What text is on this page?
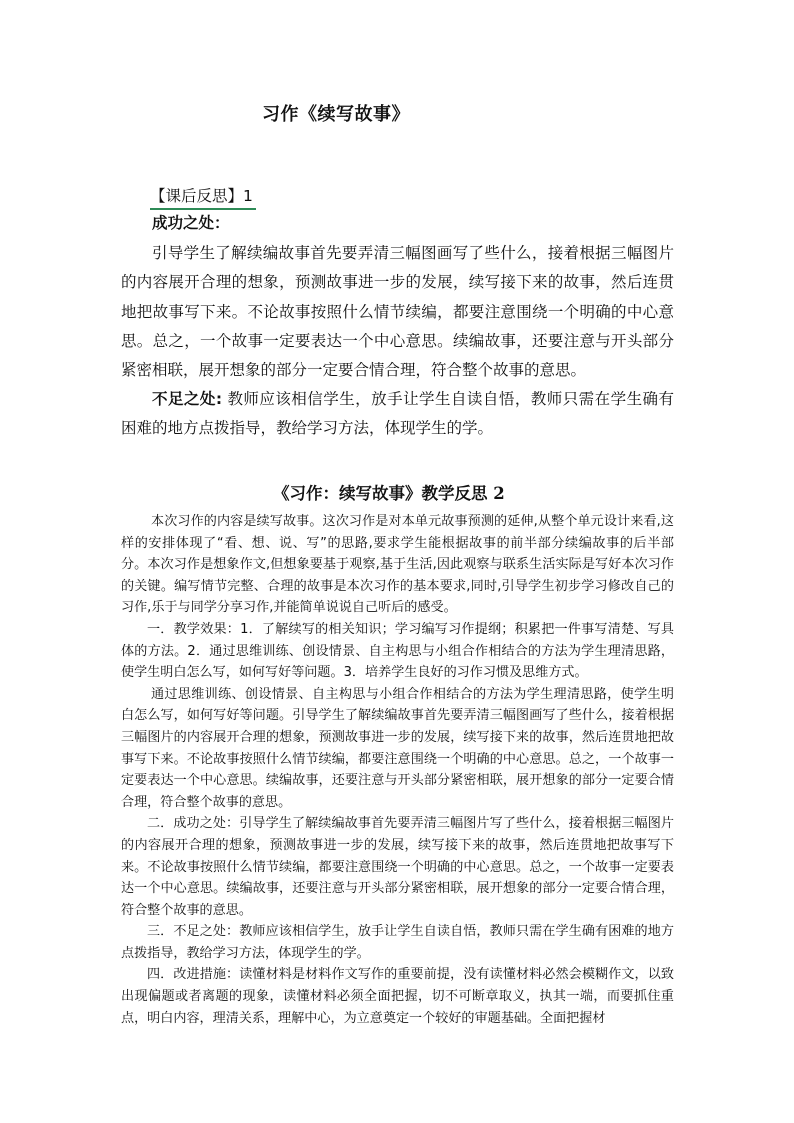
习作《续写故事》
【课后反思】1
成功之处：

引导学生了解续编故事首先要弄清三幅图画写了些什么，接着根据三幅图片的内容展开合理的想象，预测故事进一步的发展，续写接下来的故事，然后连贯地把故事写下来。不论故事按照什么情节续编，都要注意围绕一个明确的中心意思。总之，一个故事一定要表达一个中心意思。续编故事，还要注意与开头部分紧密相联，展开想象的部分一定要合情合理，符合整个故事的意思。

不足之处: 教师应该相信学生，放手让学生自读自悟，教师只需在学生确有困难的地方点拨指导，教给学习方法，体现学生的学。

《习作：续写故事》教学反思 2

本次习作的内容是续写故事。这次习作是对本单元故事预测的延伸,从整个单元设计来看,这样的安排体现了“看、想、说、写”的思路,要求学生能根据故事的前半部分续编故事的后半部分。本次习作是想象作文,但想象要基于观察,基于生活,因此观察与联系生活实际是写好本次习作的关键。编写情节完整、合理的故事是本次习作的基本要求,同时,引导学生初步学习修改自己的习作,乐于与同学分享习作,并能简单说说自己听后的感受。

一．教学效果：1．了解续写的相关知识；学习编写习作提纲；积累把一件事写清楚、写具体的方法。2．通过思维训练、创设情景、自主构思与小组合作相结合的方法为学生理清思路，使学生明白怎么写，如何写好等问题。3．培养学生良好的习作习惯及思维方式。

通过思维训练、创设情景、自主构思与小组合作相结合的方法为学生理清思路，使学生明白怎么写，如何写好等问题。引导学生了解续编故事首先要弄清三幅图画写了些什么，接着根据三幅图片的内容展开合理的想象，预测故事进一步的发展，续写接下来的故事，然后连贯地把故事写下来。不论故事按照什么情节续编，都要注意围绕一个明确的中心意思。总之，一个故事一定要表达一个中心意思。续编故事，还要注意与开头部分紧密相联，展开想象的部分一定要合情合理，符合整个故事的意思。

二．成功之处：引导学生了解续编故事首先要弄清三幅图片写了些什么，接着根据三幅图片的内容展开合理的想象，预测故事进一步的发展，续写接下来的故事，然后连贯地把故事写下来。不论故事按照什么情节续编，都要注意围绕一个明确的中心意思。总之，一个故事一定要表达一个中心意思。续编故事，还要注意与开头部分紧密相联，展开想象的部分一定要合情合理，符合整个故事的意思。

三．不足之处：教师应该相信学生，放手让学生自读自悟，教师只需在学生确有困难的地方点拨指导，教给学习方法，体现学生的学。

四．改进措施：读懂材料是材料作文写作的重要前提，没有读懂材料必然会模糊作文，以致出现偏题或者离题的现象，读懂材料必须全面把握，切不可断章取义，执其一端，而要抓住重点，明白内容，理清关系，理解中心，为立意奠定一个较好的审题基础。全面把握材
